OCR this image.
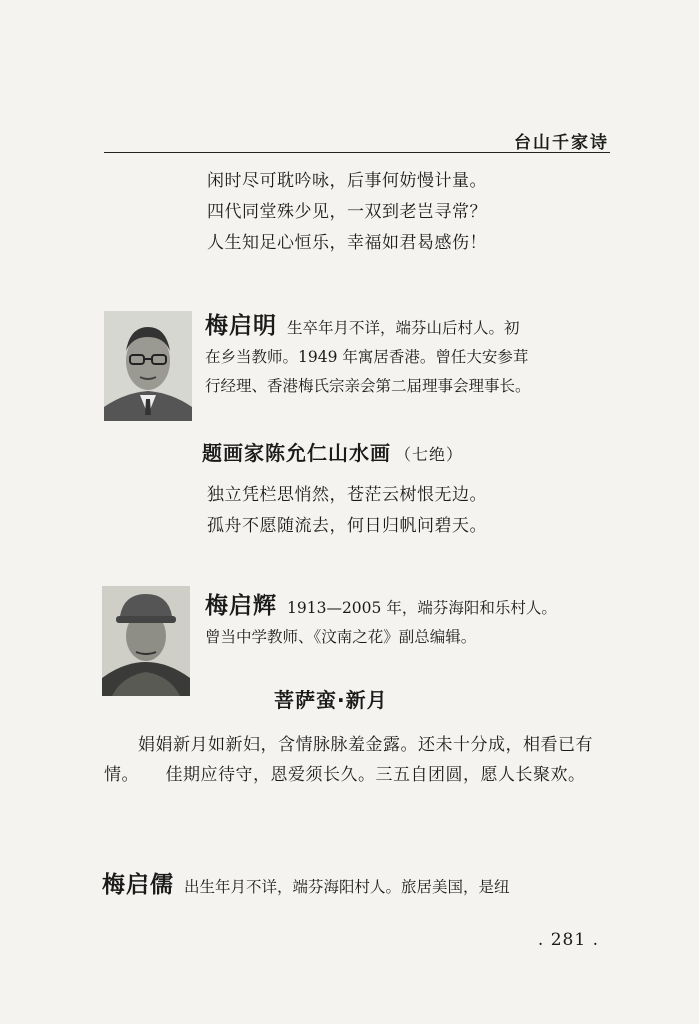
台山千家诗

闲时尽可耽吟咏，后事何妨慢计量。

四代同堂殊少见，一双到老岂寻常？

人生知足心恒乐，幸福如君曷感伤！

梅启明 生卒年月不详，端芬山后村人。初

在乡当教师。1949 年寓居香港。曾任大安参茸

行经理、香港梅氏宗亲会第二届理事会理事长。

题画家陈允仁山水画 （七绝）

独立凭栏思悄然，苍茫云树恨无边。

孤舟不愿随流去，何日归帆问碧天。

梅启辉 1913—2005 年，端芬海阳和乐村人。

曾当中学教师、《汶南之花》副总编辑。

菩萨蛮·新月

娟娟新月如新妇，含情脉脉羞金露。还未十分成，相看已有情。　　佳期应待守，恩爱须长久。三五自团圆，愿人长聚欢。

梅启儒 出生年月不详，端芬海阳村人。旅居美国，是纽

. 281 .
